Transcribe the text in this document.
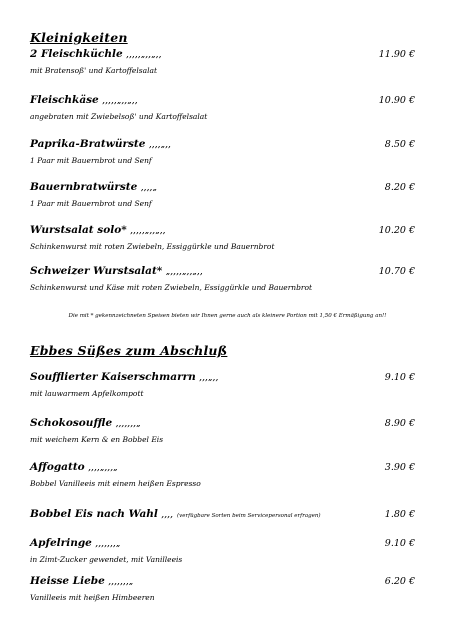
Kleinigkeiten
2 Fleischküchle ,,,,,„,,„,,	11.90 €
mit Bratensoß' und Kartoffelsalat
Fleischkäse ,,,,,„,,„,,	10.90 €
angebraten mit Zwiebelsoß' und Kartoffelsalat
Paprika-Bratwürste ,,,,„,,	8.50 €
1 Paar mit Bauernbrot und Senf
Bauernbratwürste ,,,,„	8.20 €
1 Paar mit Bauernbrot und Senf
Wurstsalat solo* ,,,,,„,,„,,	10.20 €
Schinkenwurst mit roten Zwiebeln, Essiggürkle und Bauernbrot
Schweizer Wurstsalat* „,,,,„,,„,,	10.70 €
Schinkenwurst und Käse mit roten Zwiebeln, Essiggürkle und Bauernbrot
Die mit * gekennzeichneten Speisen bieten wir Ihnen gerne auch als kleinere Portion mit 1,50 € Ermäßigung an!!
Ebbes Süßes zum Abschluß
Soufflierter Kaiserschmarrn ,,,„,,	9.10 €
mit lauwarmem Apfelkompott
Schokosouffle ,,,,,,,„	8.90 €
mit weichem Kern & en Bobbel Eis
Affogatto ,,,,„,,,„	3.90 €
Bobbel Vanilleeis mit einem heißen Espresso
Bobbel Eis nach Wahl ,,,, (verfügbare Sorten beim Servicepersonal erfragen)	1.80 €
Apfelringe ,,,,,,,„	9.10 €
in Zimt-Zucker gewendet, mit Vanilleeis
Heisse Liebe ,,,,,,,„	6.20 €
Vanilleeis mit heißen Himbeeren
